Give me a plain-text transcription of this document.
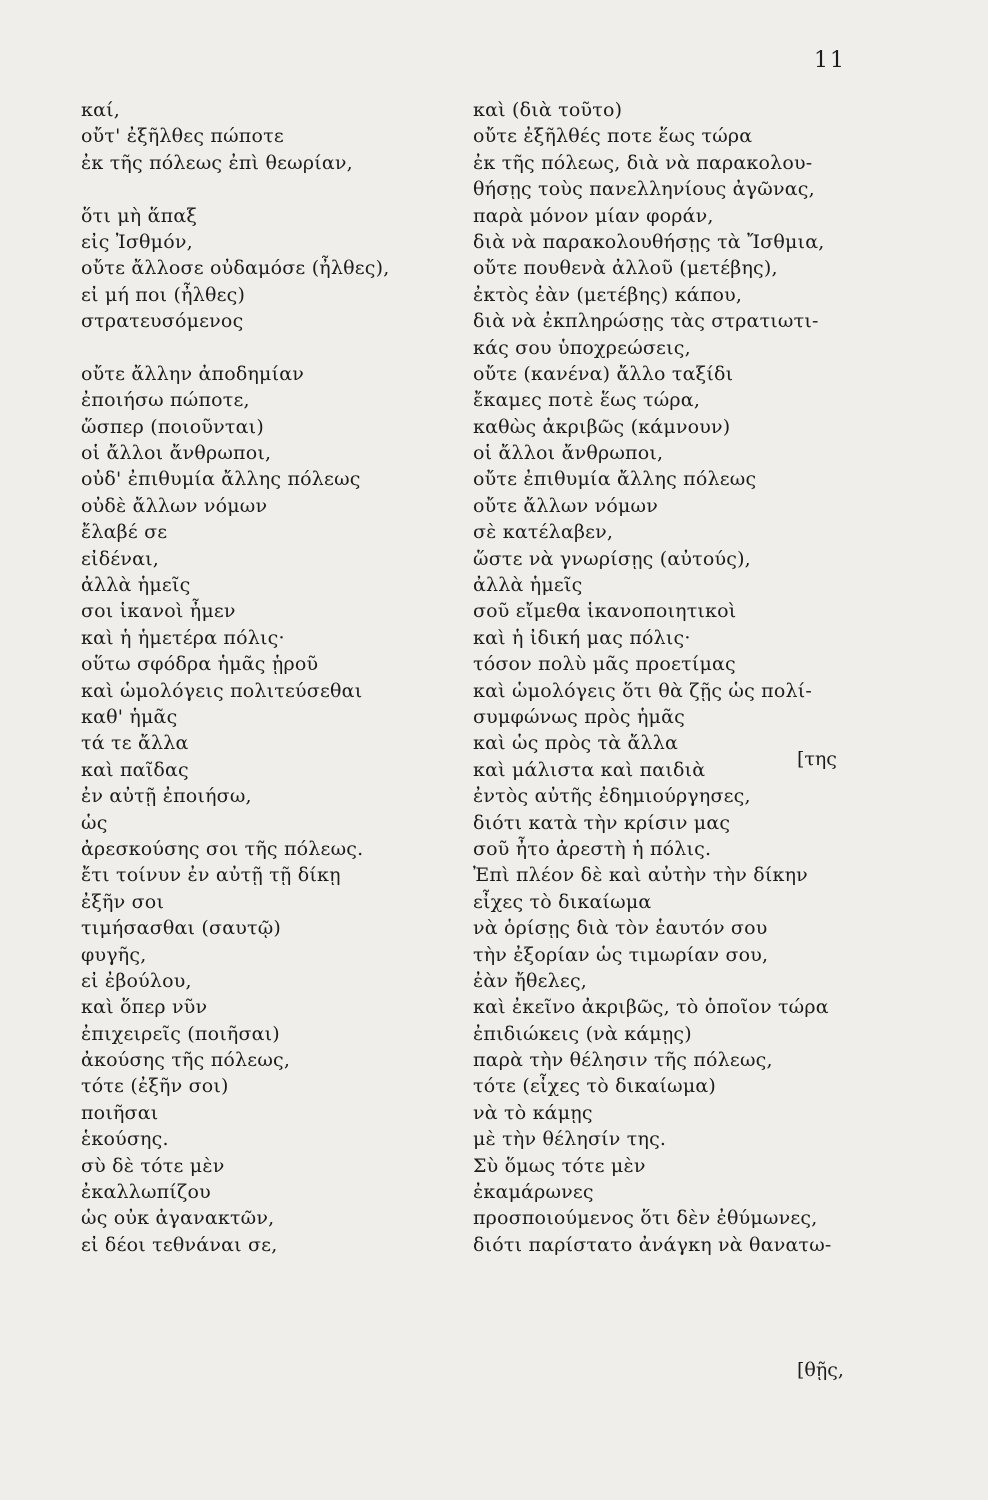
11
καί,
οὔτ' ἐξῆλθες πώποτε
ἐκ τῆς πόλεως ἐπὶ θεωρίαν,
ὅτι μὴ ἅπαξ
εἰς Ἰσθμόν,
οὔτε ἄλλοσε οὐδαμόσε (ἦλθες),
εἰ μή ποι (ἦλθες)
στρατευσόμενος
οὔτε ἄλλην ἀποδημίαν
ἐποιήσω πώποτε,
ὥσπερ (ποιοῦνται)
οἱ ἄλλοι ἄνθρωποι,
οὐδ' ἐπιθυμία ἄλλης πόλεως
οὐδὲ ἄλλων νόμων
ἔλαβέ σε
εἰδέναι,
ἀλλὰ ἡμεῖς
σοι ἱκανοὶ ἦμεν
καὶ ἡ ἡμετέρα πόλις·
οὕτω σφόδρα ἡμᾶς ᾑροῦ
καὶ ὡμολόγεις πολιτεύσεθαι
καθ' ἡμᾶς
τά τε ἄλλα
καὶ παῖδας
ἐν αὐτῇ ἐποιήσω,
ὡς
ἀρεσκούσης σοι τῆς πόλεως.
ἔτι τοίνυν ἐν αὐτῇ τῇ δίκῃ
ἐξῆν σοι
τιμήσασθαι (σαυτῷ)
φυγῆς,
εἰ ἐβούλου,
καὶ ὅπερ νῦν
ἐπιχειρεῖς (ποιῆσαι)
ἀκούσης τῆς πόλεως,
τότε (ἐξῆν σοι)
ποιῆσαι
ἑκούσης.
σὺ δὲ τότε μὲν
ἐκαλλωπίζου
ὡς οὐκ ἀγανακτῶν,
εἰ δέοι τεθνάναι σε,
καὶ (διὰ τοῦτο)
οὔτε ἐξῆλθές ποτε ἕως τώρα
ἐκ τῆς πόλεως, διὰ νὰ παρακολου-
θήσῃς τοὺς πανελληνίους ἀγῶνας,
παρὰ μόνον μίαν φοράν,
διὰ νὰ παρακολουθήσῃς τὰ Ἴσθμια,
οὔτε πουθενὰ ἀλλοῦ (μετέβης),
ἐκτὸς ἐὰν (μετέβης) κάπου,
διὰ νὰ ἐκπληρώσῃς τὰς στρατιωτι-
κάς σου ὑποχρεώσεις,
οὔτε (κανένα) ἄλλο ταξίδι
ἔκαμες ποτὲ ἕως τώρα,
καθὼς ἀκριβῶς (κάμνουν)
οἱ ἄλλοι ἄνθρωποι,
οὔτε ἐπιθυμία ἄλλης πόλεως
οὔτε ἄλλων νόμων
σὲ κατέλαβεν,
ὥστε νὰ γνωρίσῃς (αὐτούς),
ἀλλὰ ἡμεῖς
σοῦ εἴμεθα ἱκανοποιητικοὶ
καὶ ἡ ἰδική μας πόλις·
τόσον πολὺ μᾶς προετίμας
καὶ ὡμολόγεις ὅτι θὰ ζῇς ὡς πολί-
συμφώνως πρὸς ἡμᾶς
καὶ ὡς πρὸς τὰ ἄλλα
καὶ μάλιστα καὶ παιδιὰ
ἐντὸς αὐτῆς ἐδημιούργησες,
διότι κατὰ τὴν κρίσιν μας
σοῦ ἦτο ἀρεστὴ ἡ πόλις.
Ἐπὶ πλέον δὲ καὶ αὐτὴν τὴν δίκην
εἶχες τὸ δικαίωμα
νὰ ὁρίσῃς διὰ τὸν ἑαυτόν σου
τὴν ἐξορίαν ὡς τιμωρίαν σου,
ἐὰν ἤθελες,
καὶ ἐκεῖνο ἀκριβῶς, τὸ ὁποῖον τώρα
ἐπιδιώκεις (νὰ κάμῃς)
παρὰ τὴν θέλησιν τῆς πόλεως,
τότε (εἶχες τὸ δικαίωμα)
νὰ τὸ κάμῃς
μὲ τὴν θέλησίν της.
Σὺ ὅμως τότε μὲν
ἐκαμάρωνες
προσποιούμενος ὅτι δὲν ἐθύμωνες,
διότι παρίστατο ἀνάγκη νὰ θανατω-
[της
[θῇς,
